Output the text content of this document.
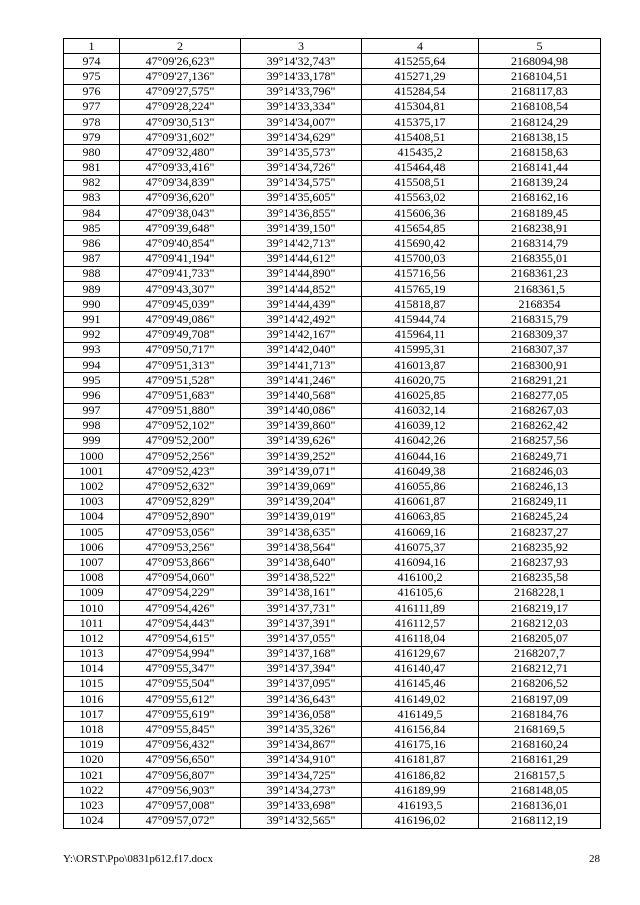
1	2	3	4	5
974	47°09'26,623"	39°14'32,743"	415255,64	2168094,98
975	47°09'27,136"	39°14'33,178"	415271,29	2168104,51
976	47°09'27,575"	39°14'33,796"	415284,54	2168117,83
977	47°09'28,224"	39°14'33,334"	415304,81	2168108,54
978	47°09'30,513"	39°14'34,007"	415375,17	2168124,29
979	47°09'31,602"	39°14'34,629"	415408,51	2168138,15
980	47°09'32,480"	39°14'35,573"	415435,2	2168158,63
981	47°09'33,416"	39°14'34,726"	415464,48	2168141,44
982	47°09'34,839"	39°14'34,575"	415508,51	2168139,24
983	47°09'36,620"	39°14'35,605"	415563,02	2168162,16
984	47°09'38,043"	39°14'36,855"	415606,36	2168189,45
985	47°09'39,648"	39°14'39,150"	415654,85	2168238,91
986	47°09'40,854"	39°14'42,713"	415690,42	2168314,79
987	47°09'41,194"	39°14'44,612"	415700,03	2168355,01
988	47°09'41,733"	39°14'44,890"	415716,56	2168361,23
989	47°09'43,307"	39°14'44,852"	415765,19	2168361,5
990	47°09'45,039"	39°14'44,439"	415818,87	2168354
991	47°09'49,086"	39°14'42,492"	415944,74	2168315,79
992	47°09'49,708"	39°14'42,167"	415964,11	2168309,37
993	47°09'50,717"	39°14'42,040"	415995,31	2168307,37
994	47°09'51,313"	39°14'41,713"	416013,87	2168300,91
995	47°09'51,528"	39°14'41,246"	416020,75	2168291,21
996	47°09'51,683"	39°14'40,568"	416025,85	2168277,05
997	47°09'51,880"	39°14'40,086"	416032,14	2168267,03
998	47°09'52,102"	39°14'39,860"	416039,12	2168262,42
999	47°09'52,200"	39°14'39,626"	416042,26	2168257,56
1000	47°09'52,256"	39°14'39,252"	416044,16	2168249,71
1001	47°09'52,423"	39°14'39,071"	416049,38	2168246,03
1002	47°09'52,632"	39°14'39,069"	416055,86	2168246,13
1003	47°09'52,829"	39°14'39,204"	416061,87	2168249,11
1004	47°09'52,890"	39°14'39,019"	416063,85	2168245,24
1005	47°09'53,056"	39°14'38,635"	416069,16	2168237,27
1006	47°09'53,256"	39°14'38,564"	416075,37	2168235,92
1007	47°09'53,866"	39°14'38,640"	416094,16	2168237,93
1008	47°09'54,060"	39°14'38,522"	416100,2	2168235,58
1009	47°09'54,229"	39°14'38,161"	416105,6	2168228,1
1010	47°09'54,426"	39°14'37,731"	416111,89	2168219,17
1011	47°09'54,443"	39°14'37,391"	416112,57	2168212,03
1012	47°09'54,615"	39°14'37,055"	416118,04	2168205,07
1013	47°09'54,994"	39°14'37,168"	416129,67	2168207,7
1014	47°09'55,347"	39°14'37,394"	416140,47	2168212,71
1015	47°09'55,504"	39°14'37,095"	416145,46	2168206,52
1016	47°09'55,612"	39°14'36,643"	416149,02	2168197,09
1017	47°09'55,619"	39°14'36,058"	416149,5	2168184,76
1018	47°09'55,845"	39°14'35,326"	416156,84	2168169,5
1019	47°09'56,432"	39°14'34,867"	416175,16	2168160,24
1020	47°09'56,650"	39°14'34,910"	416181,87	2168161,29
1021	47°09'56,807"	39°14'34,725"	416186,82	2168157,5
1022	47°09'56,903"	39°14'34,273"	416189,99	2168148,05
1023	47°09'57,008"	39°14'33,698"	416193,5	2168136,01
1024	47°09'57,072"	39°14'32,565"	416196,02	2168112,19
Y:\ORST\Ppo\0831p612.f17.docx	28
